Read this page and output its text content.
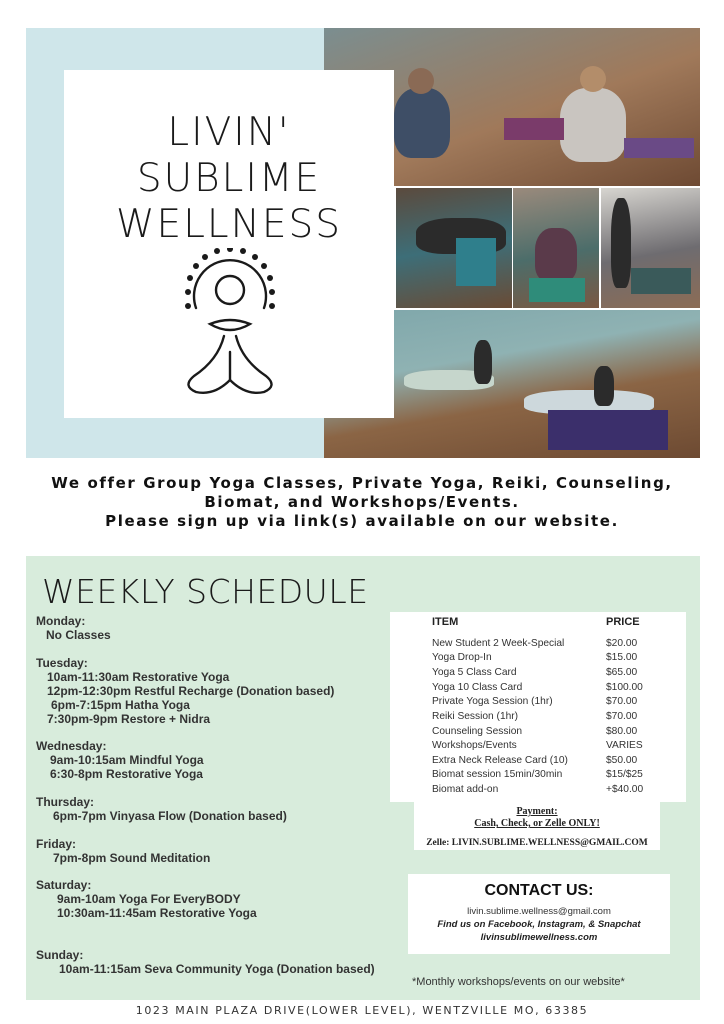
LIVIN'
SUBLIME
WELLNESS
We offer Group Yoga Classes, Private Yoga, Reiki, Counseling,
Biomat, and Workshops/Events.
Please sign up via link(s) available on our website.
WEEKLY SCHEDULE
Monday:
No Classes
Tuesday:
10am-11:30am Restorative Yoga
12pm-12:30pm Restful Recharge (Donation based)
6pm-7:15pm Hatha Yoga
7:30pm-9pm Restore + Nidra
Wednesday:
9am-10:15am Mindful Yoga
6:30-8pm Restorative Yoga
Thursday:
6pm-7pm Vinyasa Flow (Donation based)
Friday:
7pm-8pm Sound Meditation
Saturday:
9am-10am Yoga For EveryBODY
10:30am-11:45am Restorative Yoga
Sunday:
10am-11:15am Seva Community Yoga (Donation based)
ITEM	PRICE
New Student 2 Week-Special	$20.00
Yoga Drop-In	$15.00
Yoga 5 Class Card	$65.00
Yoga 10 Class Card	$100.00
Private Yoga Session (1hr)	$70.00
Reiki Session (1hr)	$70.00
Counseling Session	$80.00
Workshops/Events	VARIES
Extra Neck Release Card (10)	$50.00
Biomat session 15min/30min	$15/$25
Biomat add-on	+$40.00
Payment:
Cash, Check, or Zelle ONLY!
Zelle: LIVIN.SUBLIME.WELLNESS@GMAIL.COM
CONTACT US:
livin.sublime.wellness@gmail.com
Find us on Facebook, Instagram, & Snapchat
livinsublimewellness.com
*Monthly workshops/events on our website*
1023 MAIN PLAZA DRIVE(LOWER LEVEL), WENTZVILLE MO, 63385
